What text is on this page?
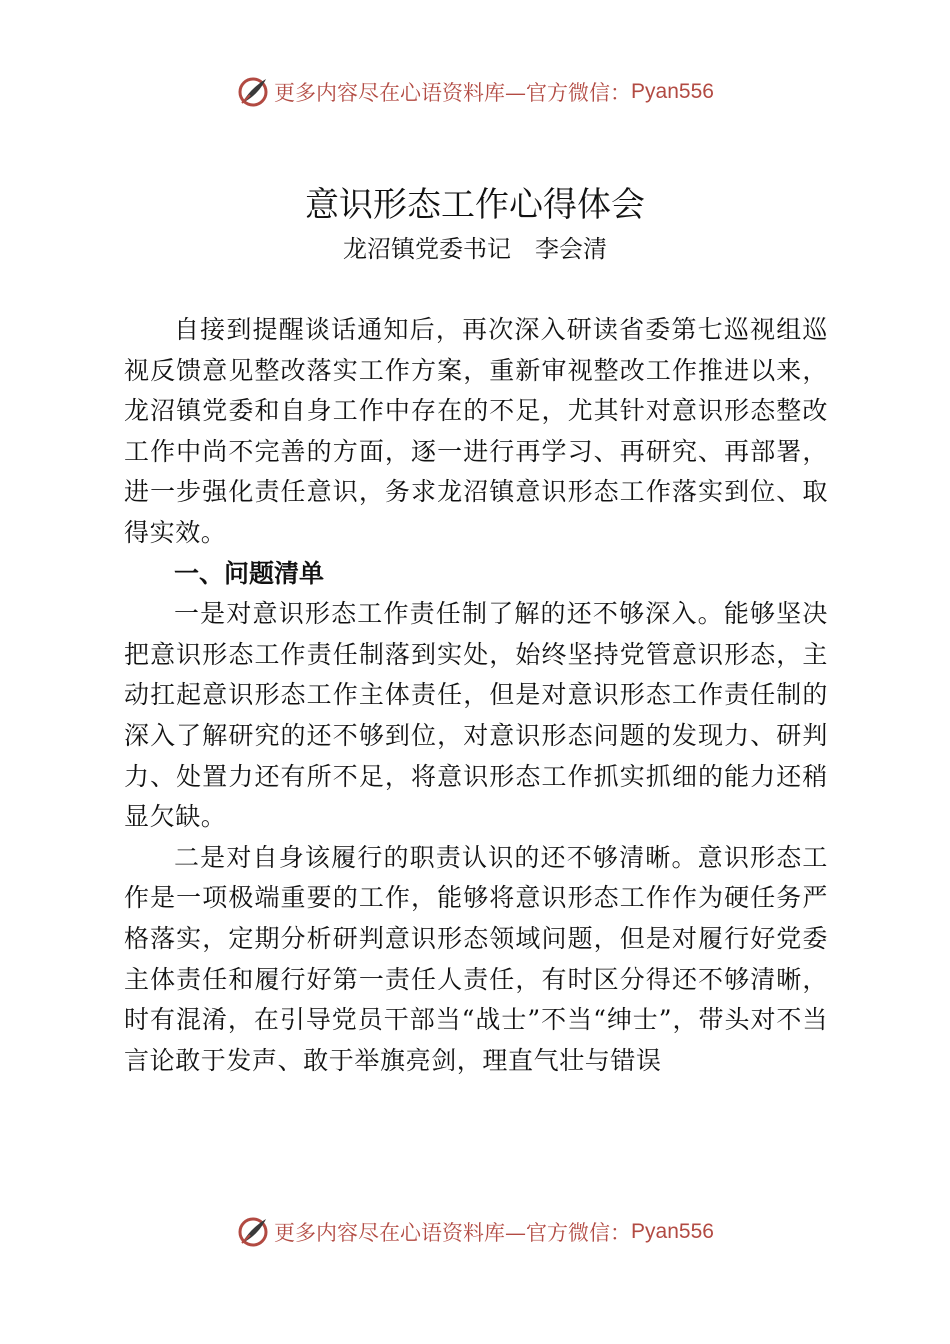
更多内容尽在心语资料库—官方微信： Pyan556
意识形态工作心得体会
龙沼镇党委书记　李会清

自接到提醒谈话通知后，再次深入研读省委第七巡视组巡视反馈意见整改落实工作方案，重新审视整改工作推进以来，龙沼镇党委和自身工作中存在的不足，尤其针对意识形态整改工作中尚不完善的方面，逐一进行再学习、再研究、再部署，进一步强化责任意识，务求龙沼镇意识形态工作落实到位、取得实效。

一、问题清单

一是对意识形态工作责任制了解的还不够深入。能够坚决把意识形态工作责任制落到实处，始终坚持党管意识形态，主动扛起意识形态工作主体责任，但是对意识形态工作责任制的深入了解研究的还不够到位，对意识形态问题的发现力、研判力、处置力还有所不足，将意识形态工作抓实抓细的能力还稍显欠缺。

二是对自身该履行的职责认识的还不够清晰。意识形态工作是一项极端重要的工作，能够将意识形态工作作为硬任务严格落实，定期分析研判意识形态领域问题，但是对履行好党委主体责任和履行好第一责任人责任，有时区分得还不够清晰，时有混淆，在引导党员干部当“战士”不当“绅士”，带头对不当言论敢于发声、敢于举旗亮剑，理直气壮与错误

更多内容尽在心语资料库—官方微信： Pyan556
